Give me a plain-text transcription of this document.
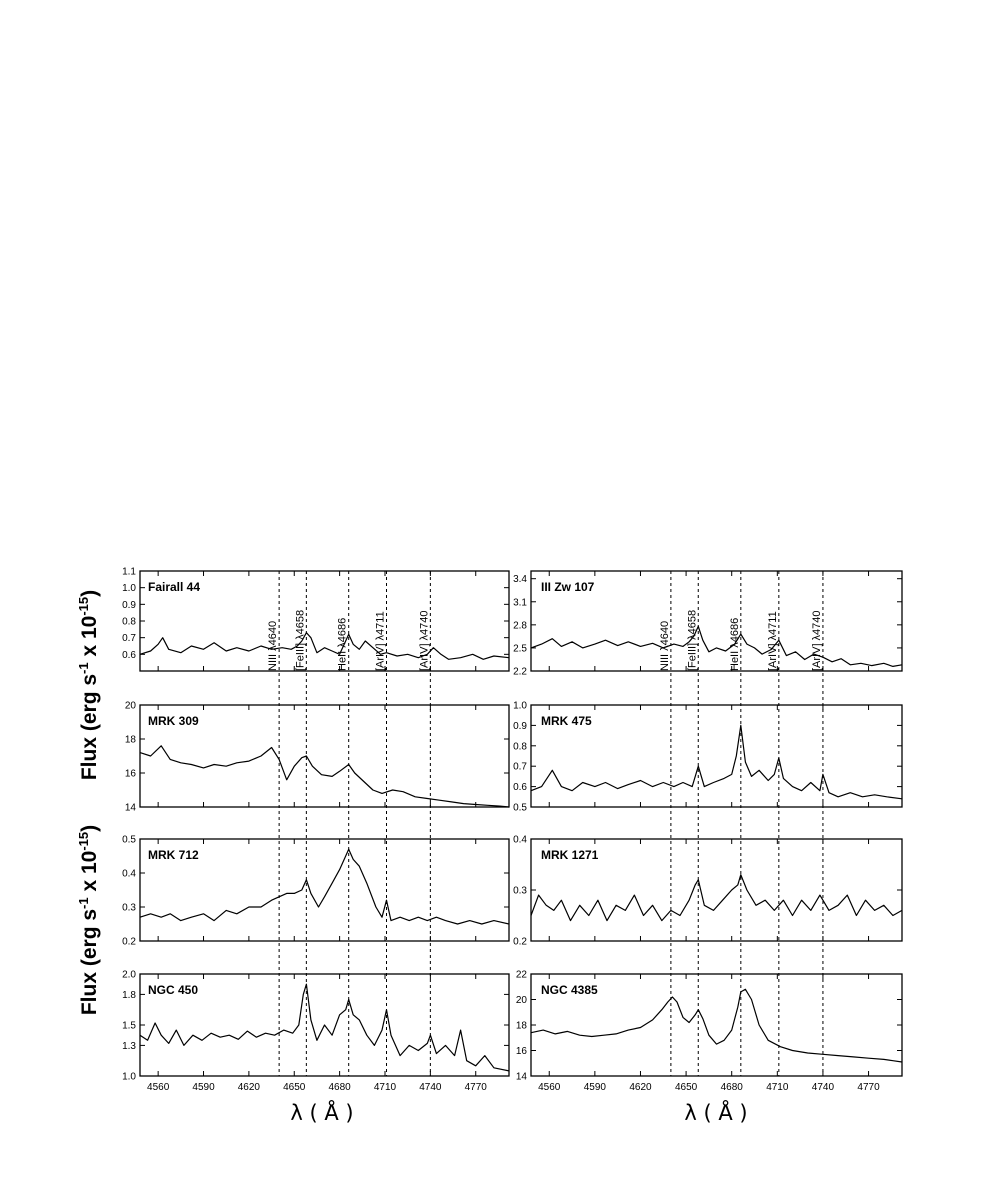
Flux (erg $s^{-1}$ x $10^{-15}$)
Flux (erg $s^{-1}$ x $10^{-15}$)
λ ( Å )	λ ( Å )
0.6
0.7
0.8
0.9
1.0
1.1
Fairall 44
2.2
2.5
2.8
3.1
3.4
III Zw 107
14
16
18
20
MRK 309
0.5
0.6
0.7
0.8
0.9
1.0
MRK 475
0.2
0.3
0.4
0.5
MRK 712
0.2
0.3
0.4
MRK 1271
1.0
1.3
1.5
1.8
2.0
4560 4590 4620 4650 4680 4710 4740 4770
NGC 450
14
16
18
20
22
4560 4590 4620 4650 4680 4710 4740 4770
NGC 4385
NIII λ4640 [FeIII] λ4658	HeII λ4686 [ArIV] λ4711	[ArIV] λ4740	NIII λ4640 [FeIII] λ4658	HeII λ4686 [ArIV] λ4711	[ArIV] λ4740
